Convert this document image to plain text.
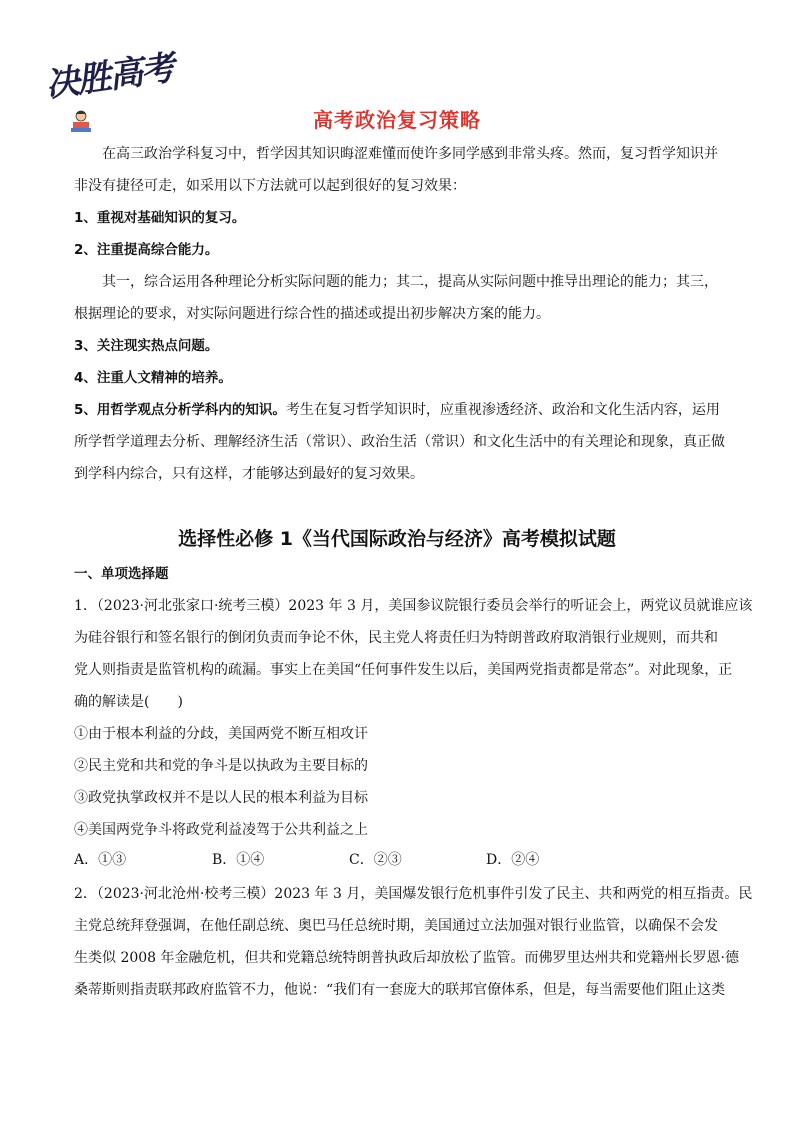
决胜高考
高考政治复习策略
在高三政治学科复习中，哲学因其知识晦涩难懂而使许多同学感到非常头疼。然而，复习哲学知识并
非没有捷径可走，如采用以下方法就可以起到很好的复习效果：
1、重视对基础知识的复习。
2、注重提高综合能力。
其一，综合运用各种理论分析实际问题的能力；其二，提高从实际问题中推导出理论的能力；其三，
根据理论的要求，对实际问题进行综合性的描述或提出初步解决方案的能力。
3、关注现实热点问题。
4、注重人文精神的培养。
5、用哲学观点分析学科内的知识。考生在复习哲学知识时，应重视渗透经济、政治和文化生活内容，运用
所学哲学道理去分析、理解经济生活（常识）、政治生活（常识）和文化生活中的有关理论和现象，真正做
到学科内综合，只有这样，才能够达到最好的复习效果。
选择性必修 1《当代国际政治与经济》高考模拟试题
一、单项选择题
1．（2023·河北张家口·统考三模）2023 年 3 月，美国参议院银行委员会举行的听证会上，两党议员就谁应该
为硅谷银行和签名银行的倒闭负责而争论不休，民主党人将责任归为特朗普政府取消银行业规则，而共和
党人则指责是监管机构的疏漏。事实上在美国“任何事件发生以后，美国两党指责都是常态”。对此现象，正
确的解读是(　　)
①由于根本利益的分歧，美国两党不断互相攻讦
②民主党和共和党的争斗是以执政为主要目标的
③政党执掌政权并不是以人民的根本利益为目标
④美国两党争斗将政党利益凌驾于公共利益之上
A．①③	B．①④	C．②③	D．②④
2．（2023·河北沧州·校考三模）2023 年 3 月，美国爆发银行危机事件引发了民主、共和两党的相互指责。民
主党总统拜登强调，在他任副总统、奥巴马任总统时期，美国通过立法加强对银行业监管，以确保不会发
生类似 2008 年金融危机，但共和党籍总统特朗普执政后却放松了监管。而佛罗里达州共和党籍州长罗恩·德
桑蒂斯则指责联邦政府监管不力，他说：“我们有一套庞大的联邦官僚体系，但是，每当需要他们阻止这类
